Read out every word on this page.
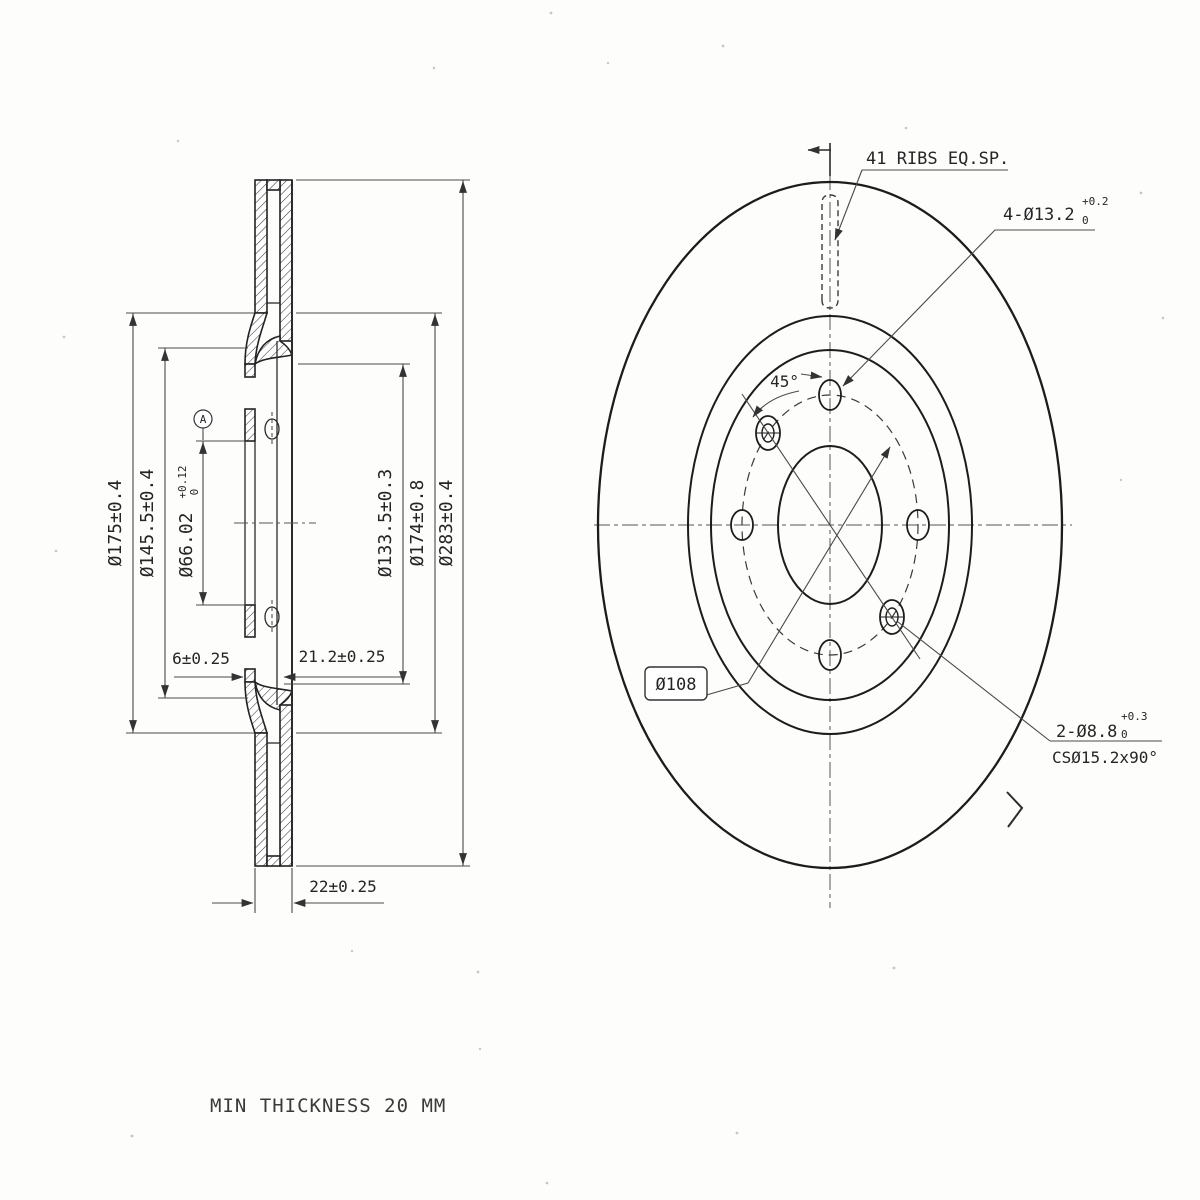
A
Ø175±0.4 Ø145.5±0.4 Ø66.02
+0.12 0	Ø133.5±0.3 Ø174±0.8 Ø283±0.4
6±0.25	21.2±0.25
22±0.25
Ø108
41 RIBS EQ.SP.
4-Ø13.2
+0.2
0
45°
2-Ø8.8
+0.3
0
CSØ15.2x90°
MIN THICKNESS 20 MM
